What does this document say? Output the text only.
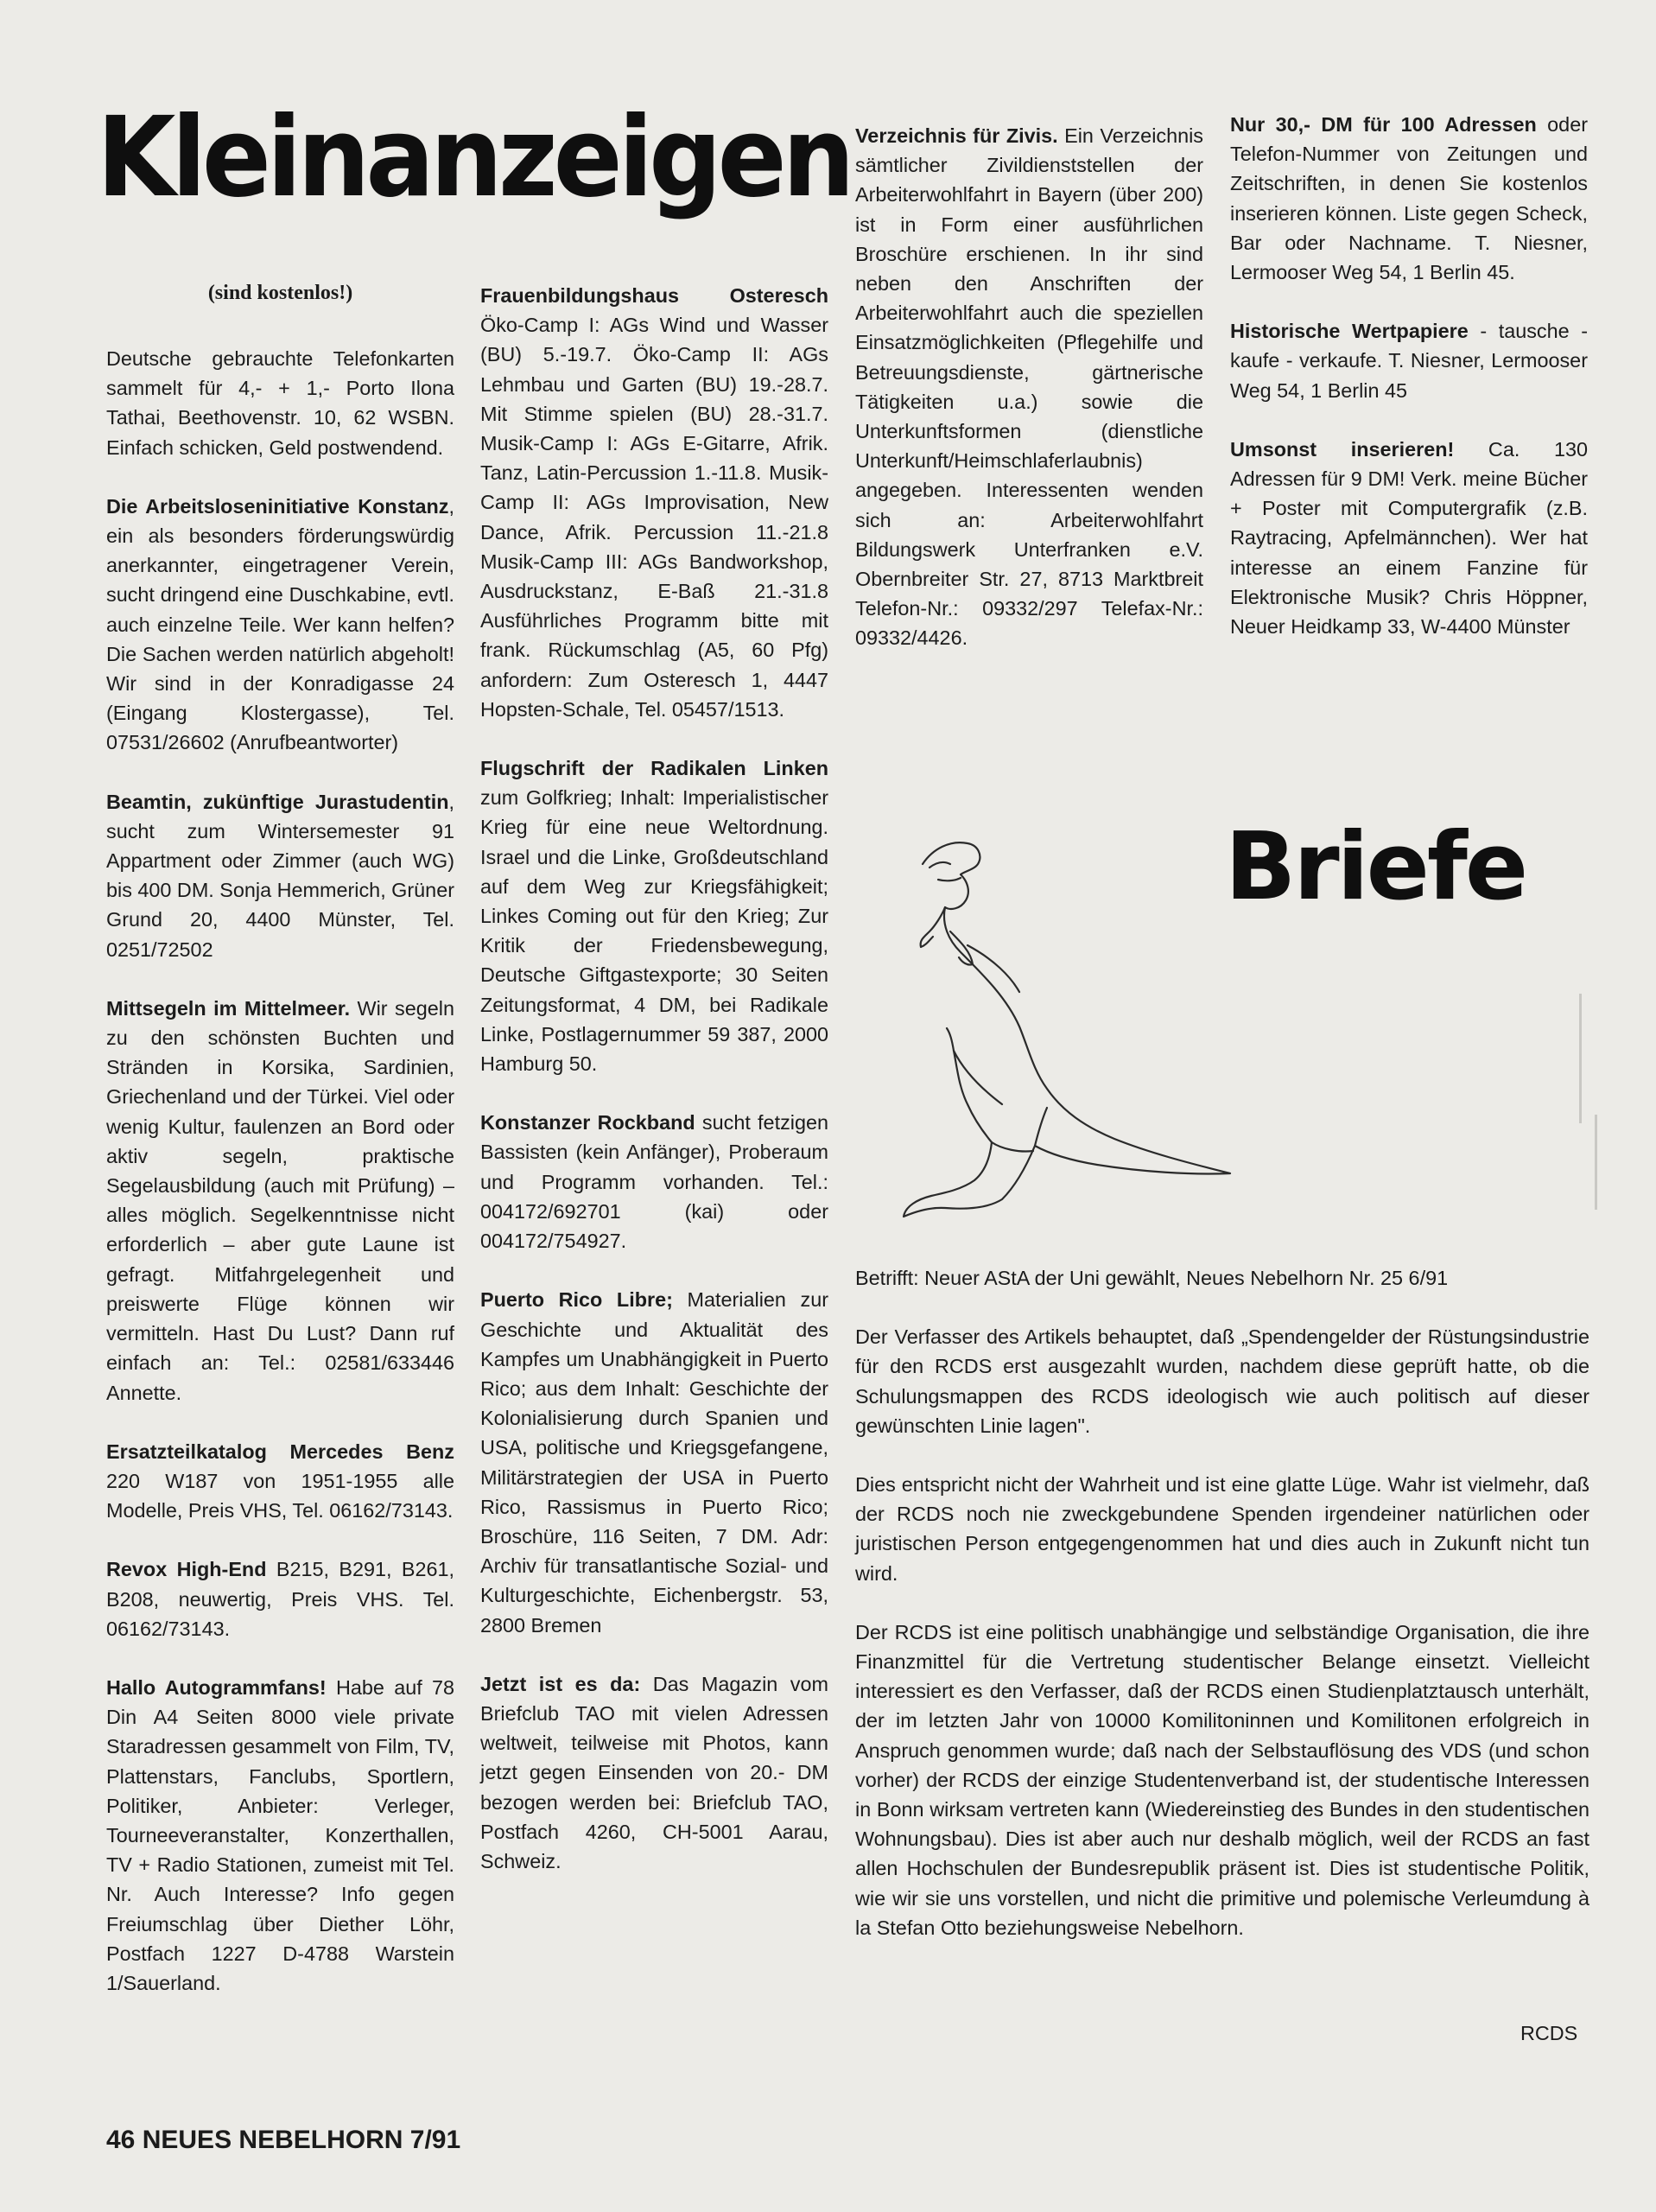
Kleinanzeigen
(sind kostenlos!)

Deutsche gebrauchte Telefonkarten sammelt für 4,- + 1,- Porto Ilona Tathai, Beethovenstr. 10, 62 WSBN. Einfach schicken, Geld postwendend.

Die Arbeitsloseninitiative Konstanz, ein als besonders förderungswürdig anerkannter, eingetragener Verein, sucht dringend eine Duschkabine, evtl. auch einzelne Teile. Wer kann helfen? Die Sachen werden natürlich abgeholt! Wir sind in der Konradigasse 24 (Eingang Klostergasse), Tel. 07531/26602 (Anrufbeantworter)

Beamtin, zukünftige Jurastudentin, sucht zum Wintersemester 91 Appartment oder Zimmer (auch WG) bis 400 DM. Sonja Hemmerich, Grüner Grund 20, 4400 Münster, Tel. 0251/72502

Mittsegeln im Mittelmeer. Wir segeln zu den schönsten Buchten und Stränden in Korsika, Sardinien, Griechenland und der Türkei. Viel oder wenig Kultur, faulenzen an Bord oder aktiv segeln, praktische Segelausbildung (auch mit Prüfung) – alles möglich. Segelkenntnisse nicht erforderlich – aber gute Laune ist gefragt. Mitfahrgelegenheit und preiswerte Flüge können wir vermitteln. Hast Du Lust? Dann ruf einfach an: Tel.: 02581/633446 Annette.

Ersatzteilkatalog Mercedes Benz 220 W187 von 1951-1955 alle Modelle, Preis VHS, Tel. 06162/73143.

Revox High-End B215, B291, B261, B208, neuwertig, Preis VHS. Tel. 06162/73143.

Hallo Autogrammfans! Habe auf 78 Din A4 Seiten 8000 viele private Staradressen gesammelt von Film, TV, Plattenstars, Fanclubs, Sportlern, Politiker, Anbieter: Verleger, Tourneeveranstalter, Konzerthallen, TV + Radio Stationen, zumeist mit Tel. Nr. Auch Interesse? Info gegen Freiumschlag über Diether Löhr, Postfach 1227 D-4788 Warstein 1/Sauerland.

Frauenbildungshaus Osteresch Öko-Camp I: AGs Wind und Wasser (BU) 5.-19.7. Öko-Camp II: AGs Lehmbau und Garten (BU) 19.-28.7. Mit Stimme spielen (BU) 28.-31.7. Musik-Camp I: AGs E-Gitarre, Afrik. Tanz, Latin-Percussion 1.-11.8. Musik-Camp II: AGs Improvisation, New Dance, Afrik. Percussion 11.-21.8 Musik-Camp III: AGs Bandworkshop, Ausdruckstanz, E-Baß 21.-31.8 Ausführliches Programm bitte mit frank. Rückumschlag (A5, 60 Pfg) anfordern: Zum Osteresch 1, 4447 Hopsten-Schale, Tel. 05457/1513.

Flugschrift der Radikalen Linken zum Golfkrieg; Inhalt: Imperialistischer Krieg für eine neue Weltordnung. Israel und die Linke, Großdeutschland auf dem Weg zur Kriegsfähigkeit; Linkes Coming out für den Krieg; Zur Kritik der Friedensbewegung, Deutsche Giftgastexporte; 30 Seiten Zeitungsformat, 4 DM, bei Radikale Linke, Postlagernummer 59 387, 2000 Hamburg 50.

Konstanzer Rockband sucht fetzigen Bassisten (kein Anfänger), Proberaum und Programm vorhanden. Tel.: 004172/692701 (kai) oder 004172/754927.

Puerto Rico Libre; Materialien zur Geschichte und Aktualität des Kampfes um Unabhängigkeit in Puerto Rico; aus dem Inhalt: Geschichte der Kolonialisierung durch Spanien und USA, politische und Kriegsgefangene, Militärstrategien der USA in Puerto Rico, Rassismus in Puerto Rico; Broschüre, 116 Seiten, 7 DM. Adr: Archiv für transatlantische Sozial- und Kulturgeschichte, Eichenbergstr. 53, 2800 Bremen

Jetzt ist es da: Das Magazin vom Briefclub TAO mit vielen Adressen weltweit, teilweise mit Photos, kann jetzt gegen Einsenden von 20.- DM bezogen werden bei: Briefclub TAO, Postfach 4260, CH-5001 Aarau, Schweiz.

Verzeichnis für Zivis. Ein Verzeichnis sämtlicher Zivildienststellen der Arbeiterwohlfahrt in Bayern (über 200) ist in Form einer ausführlichen Broschüre erschienen. In ihr sind neben den Anschriften der Arbeiterwohlfahrt auch die speziellen Einsatzmöglichkeiten (Pflegehilfe und Betreuungsdienste, gärtnerische Tätigkeiten u.a.) sowie die Unterkunftsformen (dienstliche Unterkunft/Heimschlaferlaubnis) angegeben. Interessenten wenden sich an: Arbeiterwohlfahrt Bildungswerk Unterfranken e.V. Obernbreiter Str. 27, 8713 Marktbreit Telefon-Nr.: 09332/297 Telefax-Nr.: 09332/4426.

Nur 30,- DM für 100 Adressen oder Telefon-Nummer von Zeitungen und Zeitschriften, in denen Sie kostenlos inserieren können. Liste gegen Scheck, Bar oder Nachname. T. Niesner, Lermooser Weg 54, 1 Berlin 45.

Historische Wertpapiere - tausche - kaufe - verkaufe. T. Niesner, Lermooser Weg 54, 1 Berlin 45

Umsonst inserieren! Ca. 130 Adressen für 9 DM! Verk. meine Bücher + Poster mit Computergrafik (z.B. Raytracing, Apfelmännchen). Wer hat interesse an einem Fanzine für Elektronische Musik? Chris Höppner, Neuer Heidkamp 33, W-4400 Münster

Briefe

Betrifft: Neuer AStA der Uni gewählt, Neues Nebelhorn Nr. 25 6/91

Der Verfasser des Artikels behauptet, daß „Spendengelder der Rüstungsindustrie für den RCDS erst ausgezahlt wurden, nachdem diese geprüft hatte, ob die Schulungsmappen des RCDS ideologisch wie auch politisch auf dieser gewünschten Linie lagen".

Dies entspricht nicht der Wahrheit und ist eine glatte Lüge. Wahr ist vielmehr, daß der RCDS noch nie zweckgebundene Spenden irgendeiner natürlichen oder juristischen Person entgegengenommen hat und dies auch in Zukunft nicht tun wird.

Der RCDS ist eine politisch unabhängige und selbständige Organisation, die ihre Finanzmittel für die Vertretung studentischer Belange einsetzt. Vielleicht interessiert es den Verfasser, daß der RCDS einen Studienplatztausch unterhält, der im letzten Jahr von 10000 Komilitoninnen und Komilitonen erfolgreich in Anspruch genommen wurde; daß nach der Selbstauflösung des VDS (und schon vorher) der RCDS der einzige Studentenverband ist, der studentische Interessen in Bonn wirksam vertreten kann (Wiedereinstieg des Bundes in den studentischen Wohnungsbau). Dies ist aber auch nur deshalb möglich, weil der RCDS an fast allen Hochschulen der Bundesrepublik präsent ist. Dies ist studentische Politik, wie wir sie uns vorstellen, und nicht die primitive und polemische Verleumdung à la Stefan Otto beziehungsweise Nebelhorn.

RCDS
46 NEUES NEBELHORN 7/91
